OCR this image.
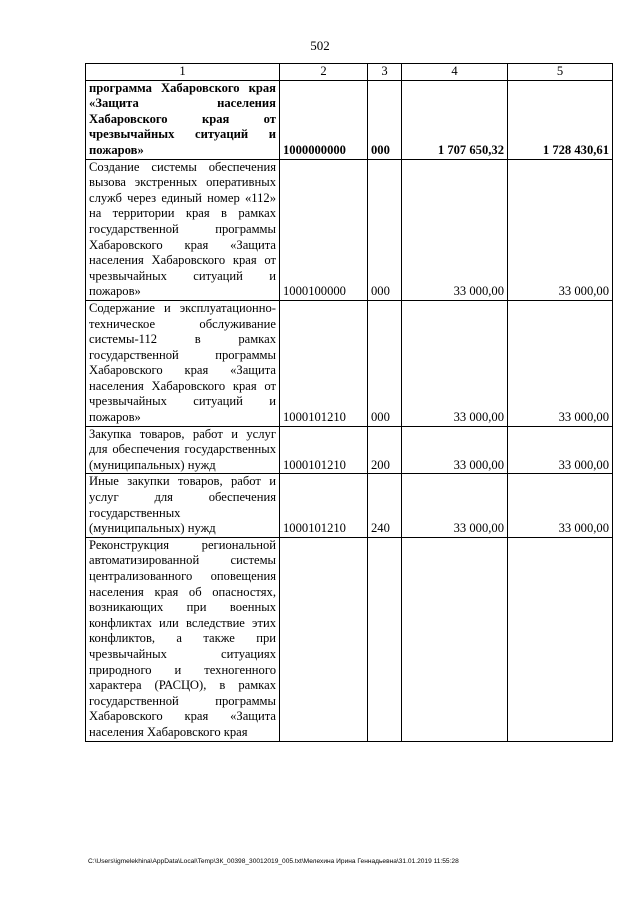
502
1	2	3	4	5
программа Хабаровского края «Защита населения Хабаровского края от чрезвычайных ситуаций и пожаров»	1000000000	000	1 707 650,32	1 728 430,61
Создание системы обеспечения вызова экстренных оперативных служб через единый номер «112» на территории края в рамках государственной программы Хабаровского края «Защита населения Хабаровского края от чрезвычайных ситуаций и пожаров»	1000100000	000	33 000,00	33 000,00
Содержание и эксплуатационно-техническое обслуживание системы-112 в рамках государственной программы Хабаровского края «Защита населения Хабаровского края от чрезвычайных ситуаций и пожаров»	1000101210	000	33 000,00	33 000,00
Закупка товаров, работ и услуг для обеспечения государственных (муниципальных) нужд	1000101210	200	33 000,00	33 000,00
Иные закупки товаров, работ и услуг для обеспечения государственных (муниципальных) нужд	1000101210	240	33 000,00	33 000,00
Реконструкция региональной автоматизированной системы централизованного оповещения населения края об опасностях, возникающих при военных конфликтах или вследствие этих конфликтов, а также при чрезвычайных ситуациях природного и техногенного характера (РАСЦО), в рамках государственной программы Хабаровского края «Защита населения Хабаровского края				
C:\Users\igmelekhina\AppData\Local\Temp\ЗК_00398_30012019_005.txt\Мелехина Ирина Геннадьевна\31.01.2019 11:55:28
